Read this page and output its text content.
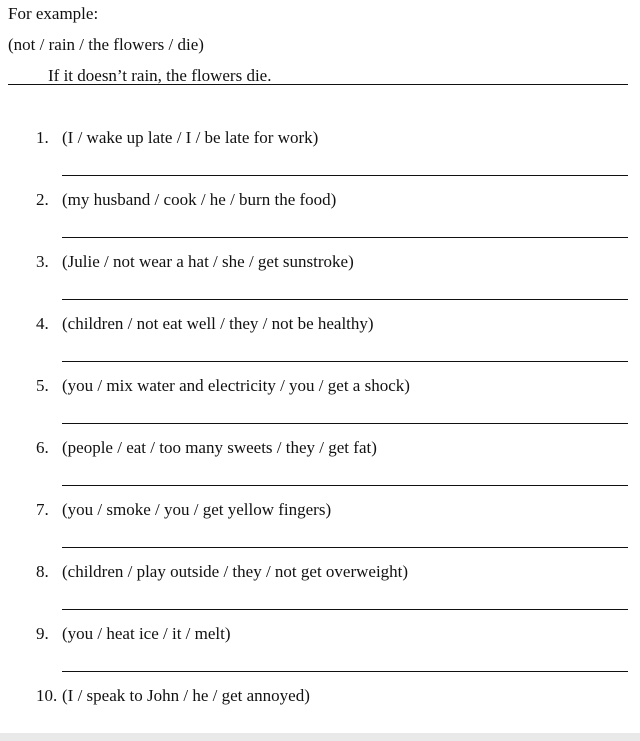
For example:
(not / rain / the flowers / die)
If it doesn’t rain, the flowers die.
1. (I / wake up late / I / be late for work)
2. (my husband / cook / he / burn the food)
3. (Julie / not wear a hat / she / get sunstroke)
4. (children / not eat well / they / not be healthy)
5. (you / mix water and electricity / you / get a shock)
6. (people / eat / too many sweets / they / get fat)
7. (you / smoke / you / get yellow fingers)
8. (children / play outside / they / not get overweight)
9. (you / heat ice / it / melt)
10. (I / speak to John / he / get annoyed)
